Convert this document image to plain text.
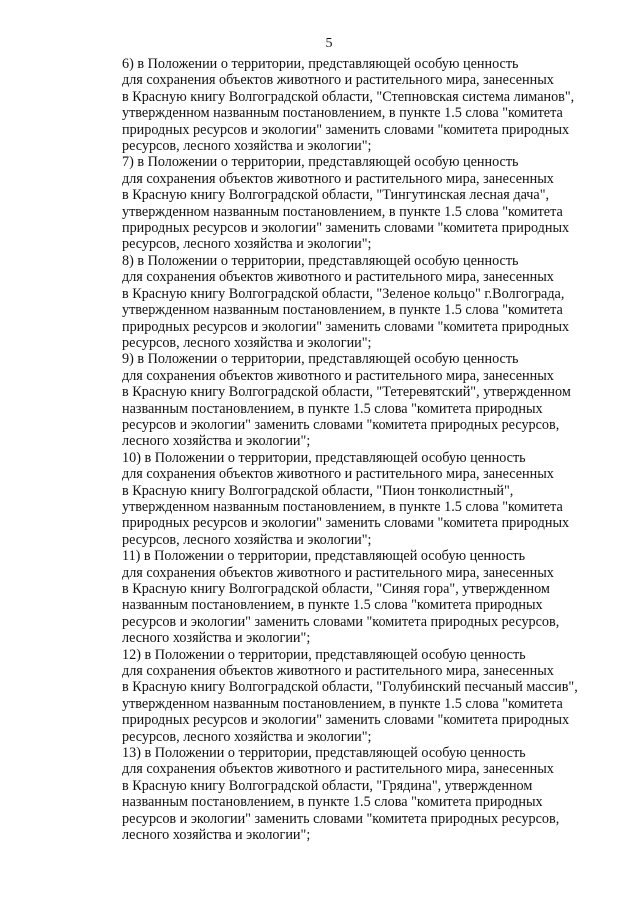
5

6) в Положении о территории, представляющей особую ценность
для сохранения объектов животного и растительного мира, занесенных
в Красную книгу Волгоградской области, "Степновская система лиманов",
утвержденном названным постановлением, в пункте 1.5 слова "комитета
природных ресурсов и экологии" заменить словами "комитета природных
ресурсов, лесного хозяйства и экологии";

7) в Положении о территории, представляющей особую ценность
для сохранения объектов животного и растительного мира, занесенных
в Красную книгу Волгоградской области, "Тингутинская лесная дача",
утвержденном названным постановлением, в пункте 1.5 слова "комитета
природных ресурсов и экологии" заменить словами "комитета природных
ресурсов, лесного хозяйства и экологии";

8) в Положении о территории, представляющей особую ценность
для сохранения объектов животного и растительного мира, занесенных
в Красную книгу Волгоградской области, "Зеленое кольцо" г.Волгограда,
утвержденном названным постановлением, в пункте 1.5 слова "комитета
природных ресурсов и экологии" заменить словами "комитета природных
ресурсов, лесного хозяйства и экологии";

9) в Положении о территории, представляющей особую ценность
для сохранения объектов животного и растительного мира, занесенных
в Красную книгу Волгоградской области, "Тетеревятский", утвержденном
названным постановлением, в пункте 1.5 слова "комитета природных
ресурсов и экологии" заменить словами "комитета природных ресурсов,
лесного хозяйства и экологии";

10) в Положении о территории, представляющей особую ценность
для сохранения объектов животного и растительного мира, занесенных
в Красную книгу Волгоградской области, "Пион тонколистный",
утвержденном названным постановлением, в пункте 1.5 слова "комитета
природных ресурсов и экологии" заменить словами "комитета природных
ресурсов, лесного хозяйства и экологии";

11) в Положении о территории, представляющей особую ценность
для сохранения объектов животного и растительного мира, занесенных
в Красную книгу Волгоградской области, "Синяя гора", утвержденном
названным постановлением, в пункте 1.5 слова "комитета природных
ресурсов и экологии" заменить словами "комитета природных ресурсов,
лесного хозяйства и экологии";

12) в Положении о территории, представляющей особую ценность
для сохранения объектов животного и растительного мира, занесенных
в Красную книгу Волгоградской области, "Голубинский песчаный массив",
утвержденном названным постановлением, в пункте 1.5 слова "комитета
природных ресурсов и экологии" заменить словами "комитета природных
ресурсов, лесного хозяйства и экологии";

13) в Положении о территории, представляющей особую ценность
для сохранения объектов животного и растительного мира, занесенных
в Красную книгу Волгоградской области, "Грядина", утвержденном
названным постановлением, в пункте 1.5 слова "комитета природных
ресурсов и экологии" заменить словами "комитета природных ресурсов,
лесного хозяйства и экологии";
